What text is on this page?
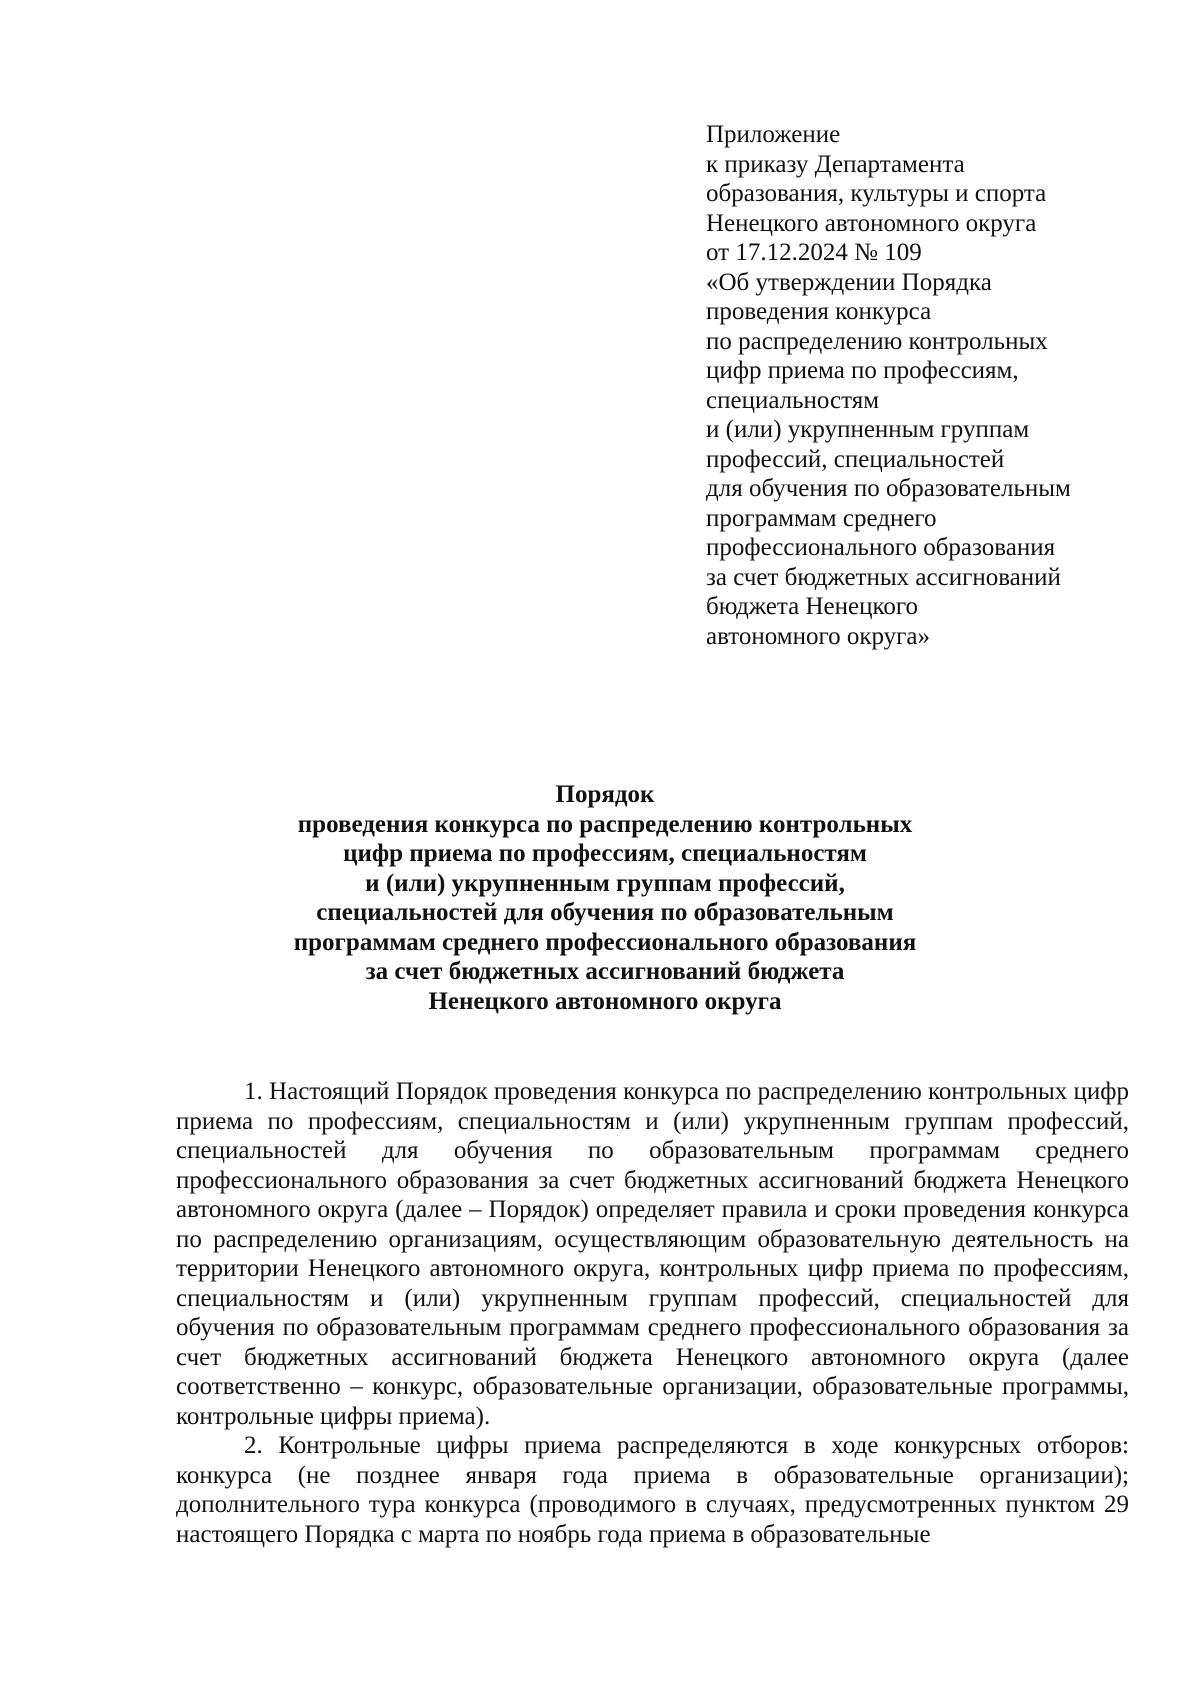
Приложение
к приказу Департамента
образования, культуры и спорта
Ненецкого автономного округа
от 17.12.2024 № 109
«Об утверждении Порядка
проведения конкурса
по распределению контрольных
цифр приема по профессиям,
специальностям
и (или) укрупненным группам
профессий, специальностей
для обучения по образовательным
программам среднего
профессионального образования
за счет бюджетных ассигнований
бюджета Ненецкого
автономного округа»
Порядок
проведения конкурса по распределению контрольных
цифр приема по профессиям, специальностям
и (или) укрупненным группам профессий,
специальностей для обучения по образовательным
программам среднего профессионального образования
за счет бюджетных ассигнований бюджета
Ненецкого автономного округа

1. Настоящий Порядок проведения конкурса по распределению контрольных цифр приема по профессиям, специальностям и (или) укрупненным группам профессий, специальностей для обучения по образовательным программам среднего профессионального образования за счет бюджетных ассигнований бюджета Ненецкого автономного округа (далее – Порядок) определяет правила и сроки проведения конкурса по распределению организациям, осуществляющим образовательную деятельность на территории Ненецкого автономного округа, контрольных цифр приема по профессиям, специальностям и (или) укрупненным группам профессий, специальностей для обучения по образовательным программам среднего профессионального образования за счет бюджетных ассигнований бюджета Ненецкого автономного округа (далее соответственно – конкурс, образовательные организации, образовательные программы, контрольные цифры приема).

2. Контрольные цифры приема распределяются в ходе конкурсных отборов: конкурса (не позднее января года приема в образовательные организации); дополнительного тура конкурса (проводимого в случаях, предусмотренных пунктом 29 настоящего Порядка с марта по ноябрь года приема в образовательные
